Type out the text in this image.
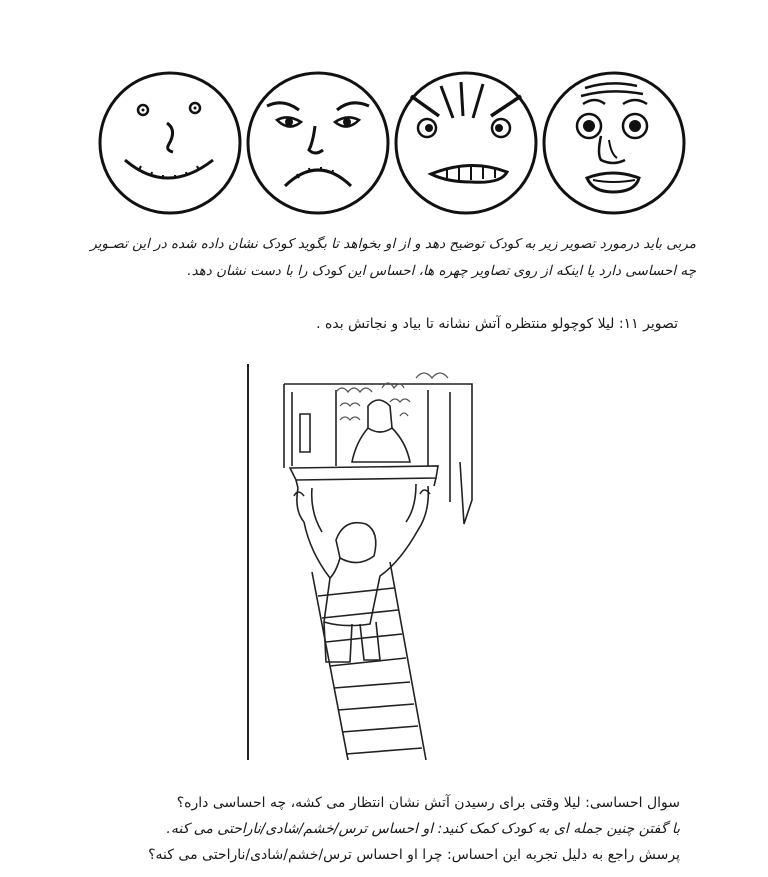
مربی باید درمورد تصویر زیر به کودک توضیح دهد و از او بخواهد تا بگوید کودک نشان داده شده در این تصـویر
چه احساسی دارد یا اینکه از روی تصاویر چهره ها، احساس این کودک را با دست نشان دهد.
تصویر ۱۱: لیلا کوچولو منتظره آتش نشانه تا بیاد و نجاتش بده .
سوال احساسی: لیلا وقتی برای رسیدن آتش نشان انتظار می کشه، چه احساسی داره؟
با گفتن چنین جمله ای به کودک کمک کنید: او احساس ترس/خشم/شادی/ناراحتی می کنه.
پرسش راجع به دلیل تجربه این احساس: چرا او احساس ترس/خشم/شادی/ناراحتی می کنه؟
